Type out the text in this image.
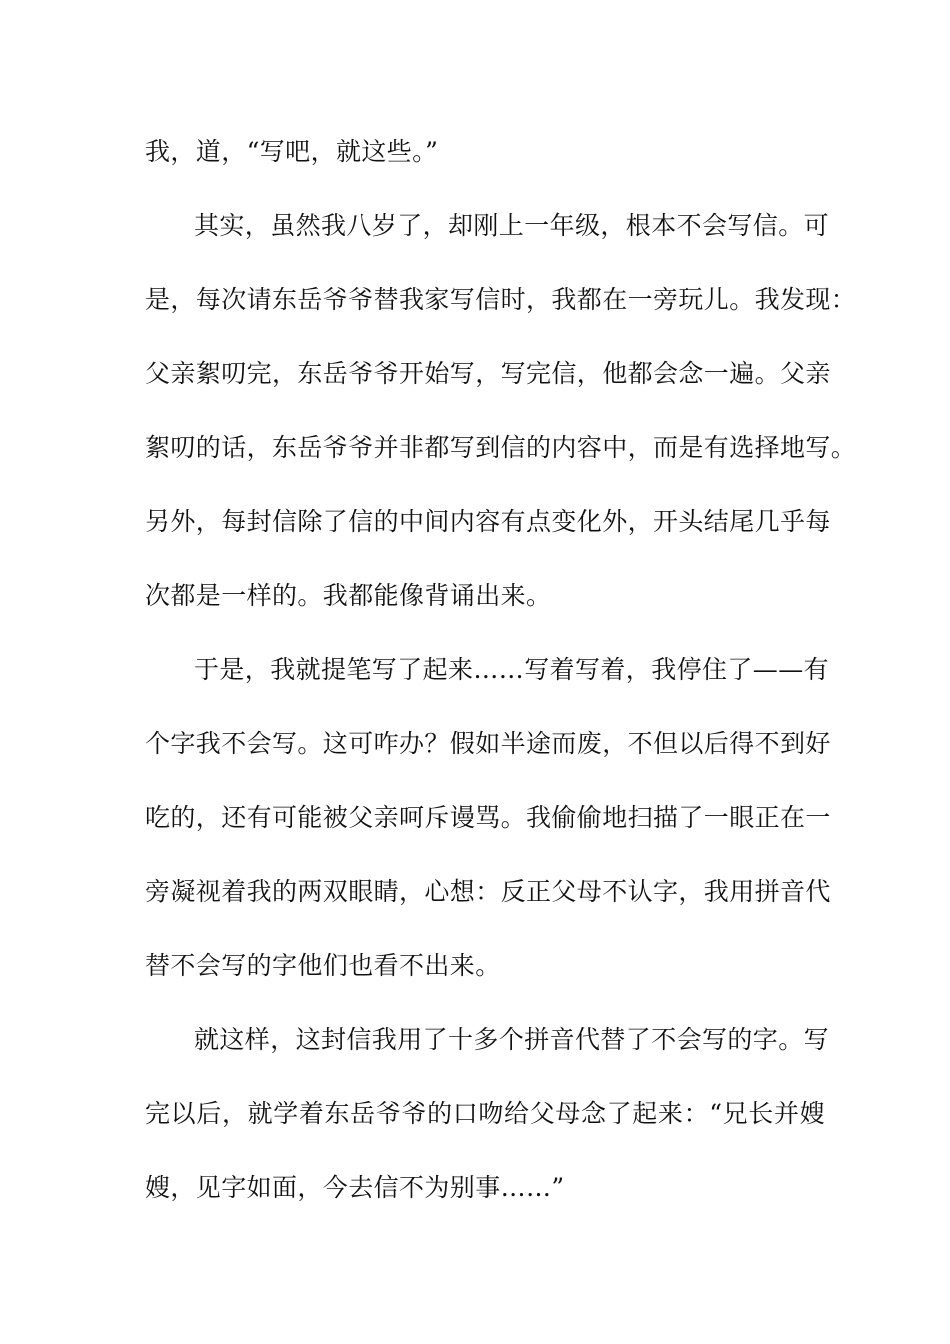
我，道，“写吧，就这些。”
其实，虽然我八岁了，却刚上一年级，根本不会写信。可
是，每次请东岳爷爷替我家写信时，我都在一旁玩儿。我发现：
父亲絮叨完，东岳爷爷开始写，写完信，他都会念一遍。父亲
絮叨的话，东岳爷爷并非都写到信的内容中，而是有选择地写。
另外，每封信除了信的中间内容有点变化外，开头结尾几乎每
次都是一样的。我都能像背诵出来。
于是，我就提笔写了起来……写着写着，我停住了——有
个字我不会写。这可咋办？假如半途而废，不但以后得不到好
吃的，还有可能被父亲呵斥谩骂。我偷偷地扫描了一眼正在一
旁凝视着我的两双眼睛，心想：反正父母不认字，我用拼音代
替不会写的字他们也看不出来。
就这样，这封信我用了十多个拼音代替了不会写的字。写
完以后，就学着东岳爷爷的口吻给父母念了起来：“兄长并嫂
嫂，见字如面，今去信不为别事……”
